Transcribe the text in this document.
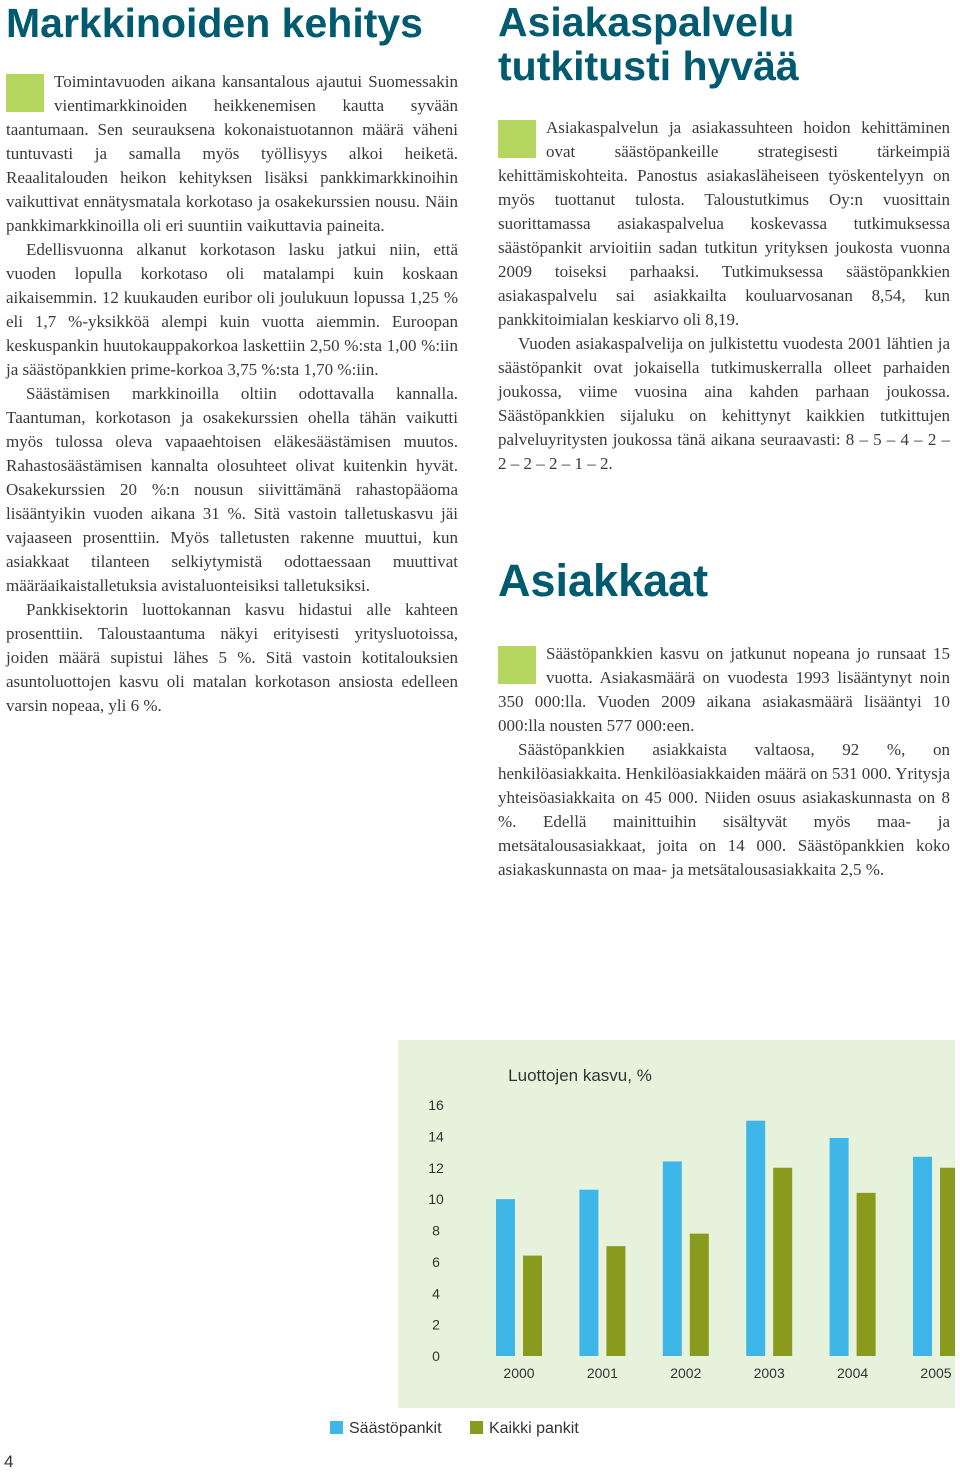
Markkinoiden kehitys

Toimintavuoden aikana kansantalous ajautui Suomessakin vientimarkkinoiden heikkenemisen kautta syvään taantumaan. Sen seurauksena kokonaistuotannon määrä väheni tuntuvasti ja samalla myös työllisyys alkoi heiketä. Reaalitalouden heikon kehityksen lisäksi pankkimarkkinoihin vaikuttivat ennätysmatala korkotaso ja osakekurssien nousu. Näin pankkimarkkinoilla oli eri suuntiin vaikuttavia paineita.

Edellisvuonna alkanut korkotason lasku jatkui niin, että vuoden lopulla korkotaso oli matalampi kuin koskaan aikaisemmin. 12 kuukauden euribor oli joulukuun lopussa 1,25 % eli 1,7 %-yksikköä alempi kuin vuotta aiemmin. Euroopan keskuspankin huutokauppakorkoa laskettiin 2,50 %:sta 1,00 %:iin ja säästöpankkien prime-korkoa 3,75 %:sta 1,70 %:iin.

Säästämisen markkinoilla oltiin odottavalla kannalla. Taantuman, korkotason ja osakekurssien ohella tähän vaikutti myös tulossa oleva vapaaehtoisen eläkesäästämisen muutos. Rahastosäästämisen kannalta olosuhteet olivat kuitenkin hyvät. Osakekurssien 20 %:n nousun siivittämänä rahastopääoma lisääntyikin vuoden aikana 31 %. Sitä vastoin talletuskasvu jäi vajaaseen prosenttiin. Myös talletusten rakenne muuttui, kun asiakkaat tilanteen selkiytymistä odottaessaan muuttivat määräaikaistalletuksia avistaluonteisiksi talletuksiksi.

Pankkisektorin luottokannan kasvu hidastui alle kahteen prosenttiin. Taloustaantuma näkyi erityisesti yritysluotoissa, joiden määrä supistui lähes 5 %. Sitä vastoin kotitalouksien asuntoluottojen kasvu oli matalan korkotason ansiosta edelleen varsin nopeaa, yli 6 %.

Asiakaspalvelu tutkitusti hyvää

Asiakaspalvelun ja asiakassuhteen hoidon kehittäminen ovat säästöpankeille strategisesti tärkeimpiä kehittämiskohteita. Panostus asiakasläheiseen työskentelyyn on myös tuottanut tulosta. Taloustutkimus Oy:n vuosittain suorittamassa asiakaspalvelua koskevassa tutkimuksessa säästöpankit arvioitiin sadan tutkitun yrityksen joukosta vuonna 2009 toiseksi parhaaksi. Tutkimuksessa säästöpankkien asiakaspalvelu sai asiakkailta kouluarvosanan 8,54, kun pankkitoimialan keskiarvo oli 8,19.

Vuoden asiakaspalvelija on julkistettu vuodesta 2001 lähtien ja säästöpankit ovat jokaisella tutkimuskerralla olleet parhaiden joukossa, viime vuosina aina kahden parhaan joukossa. Säästöpankkien sijaluku on kehittynyt kaikkien tutkittujen palveluyritysten joukossa tänä aikana seuraavasti: 8 – 5 – 4 – 2 – 2 – 2 – 2 – 1 – 2.

Asiakkaat

Säästöpankkien kasvu on jatkunut nopeana jo runsaat 15 vuotta. Asiakasmäärä on vuodesta 1993 lisääntynyt noin 350 000:lla. Vuoden 2009 aikana asiakasmäärä lisääntyi 10 000:lla nousten 577 000:een.

Säästöpankkien asiakkaista valtaosa, 92 %, on henkilöasiakkaita. Henkilöasiakkaiden määrä on 531 000. Yritysja yhteisöasiakkaita on 45 000. Niiden osuus asiakaskunnasta on 8 %. Edellä mainittuihin sisältyvät myös maa- ja metsätalousasiakkaat, joita on 14 000. Säästöpankkien koko asiakaskunnasta on maa- ja metsätalousasiakkaita 2,5 %.

Luottojen kasvu, %
0
2
4
6
8
10
12
14
16
2000	2001	2002	2003	2004	2005
Säästöpankit	Kaikki pankit
4
